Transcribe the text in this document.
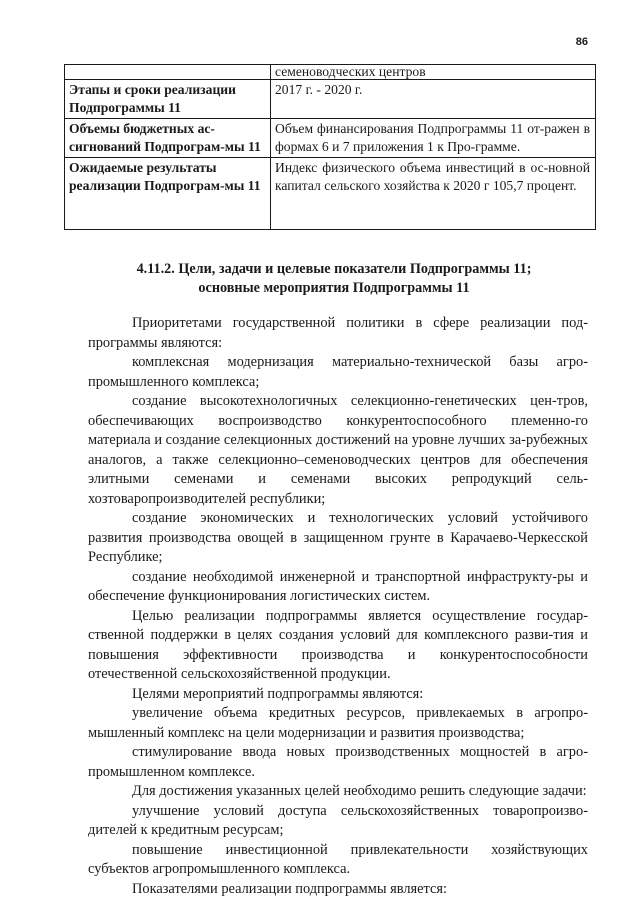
86
	семеноводческих центров
Этапы и сроки реализации Подпрограммы 11	2017 г. - 2020 г.
Объемы бюджетных ас-сигнований Подпрограм-мы 11	Объем финансирования Подпрограммы 11 от-ражен в формах 6 и 7 приложения 1 к Про-грамме.
Ожидаемые результаты реализации Подпрограм-мы 11	Индекс физического объема инвестиций в ос-новной капитал сельского хозяйства к 2020 г 105,7 процент.
4.11.2. Цели, задачи и целевые показатели Подпрограммы 11;
основные мероприятия Подпрограммы 11

Приоритетами государственной политики в сфере реализации под-программы являются:

комплексная модернизация материально-технической базы агро-промышленного комплекса;

создание высокотехнологичных селекционно-генетических цен-тров, обеспечивающих воспроизводство конкурентоспособного племенно-го материала и создание селекционных достижений на уровне лучших за-рубежных аналогов, а также селекционно–семеноводческих центров для обеспечения элитными семенами и семенами высоких репродукций сель-хозтоваропроизводителей республики;

создание экономических и технологических условий устойчивого развития производства овощей в защищенном грунте в Карачаево-Черкесской Республике;

создание необходимой инженерной и транспортной инфраструкту-ры и обеспечение функционирования логистических систем.

Целью реализации подпрограммы является осуществление государ-ственной поддержки в целях создания условий для комплексного разви-тия и повышения эффективности производства и конкурентоспособности отечественной сельскохозяйственной продукции.

Целями мероприятий подпрограммы являются:

увеличение объема кредитных ресурсов, привлекаемых в агропро-мышленный комплекс на цели модернизации и развития производства;

стимулирование ввода новых производственных мощностей в агро-промышленном комплексе.

Для достижения указанных целей необходимо решить следующие задачи:

улучшение условий доступа сельскохозяйственных товаропроизво-дителей к кредитным ресурсам;

повышение инвестиционной привлекательности хозяйствующих субъектов агропромышленного комплекса.

Показателями реализации подпрограммы является:
